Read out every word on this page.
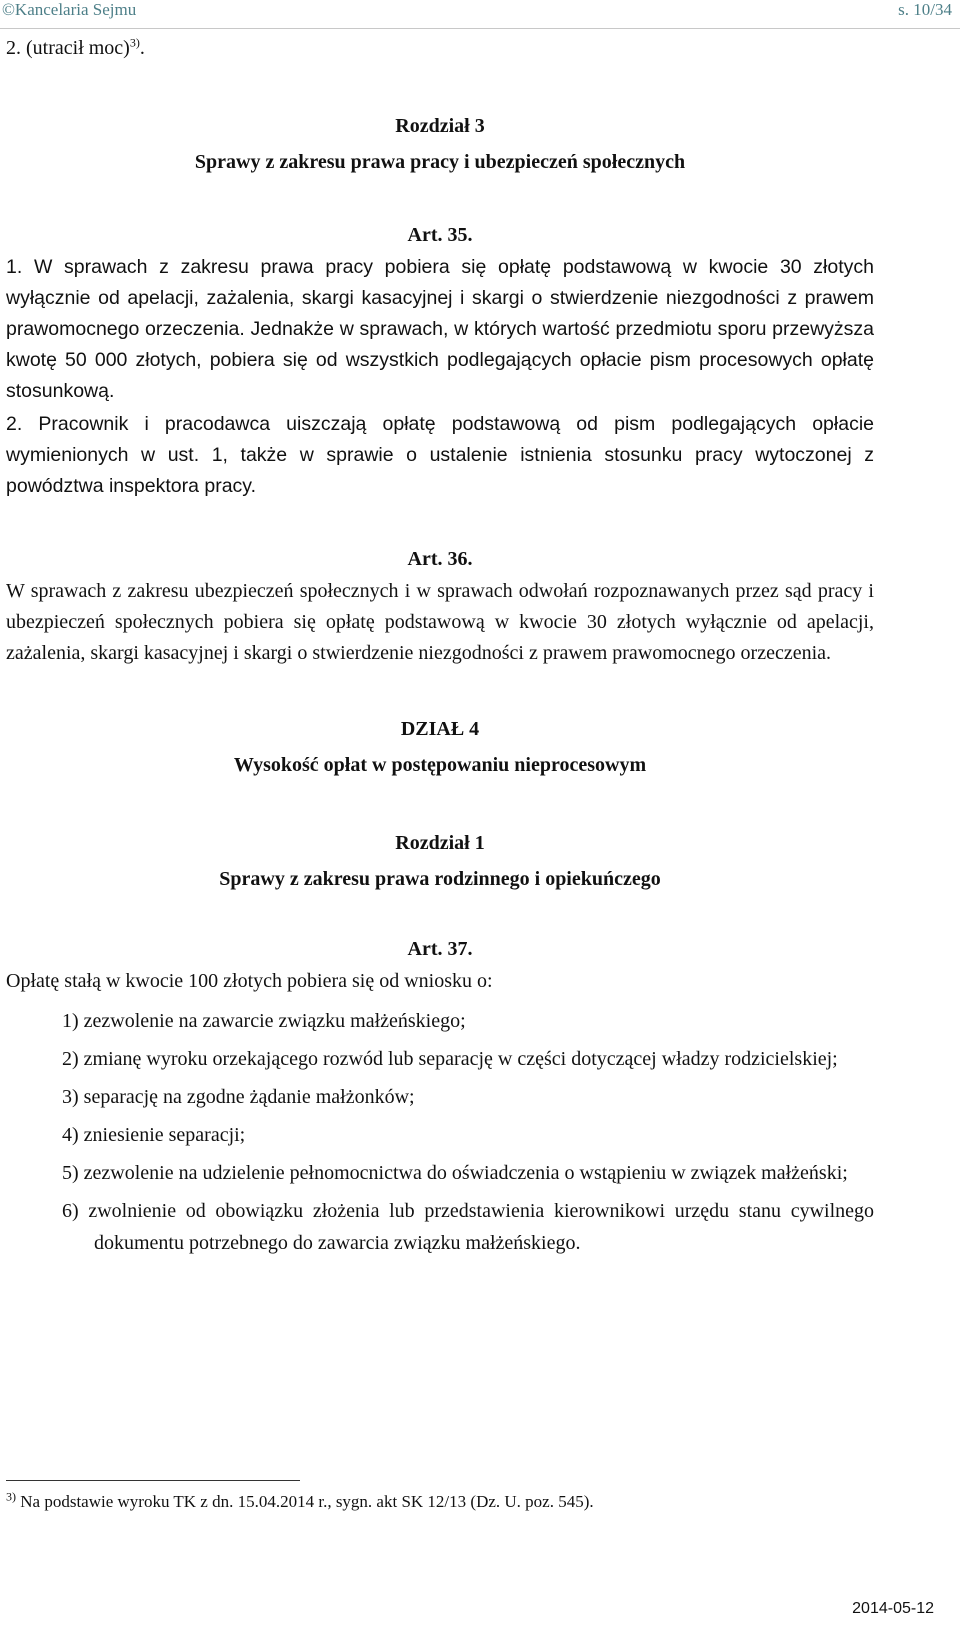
©Kancelaria Sejmu	s. 10/34

2. (utracił moc)$^{3)}$.

Rozdział 3

Sprawy z zakresu prawa pracy i ubezpieczeń społecznych

Art. 35.

1. W sprawach z zakresu prawa pracy pobiera się opłatę podstawową w kwocie 30 złotych wyłącznie od apelacji, zażalenia, skargi kasacyjnej i skargi o stwierdzenie niezgodności z prawem prawomocnego orzeczenia. Jednakże w sprawach, w których wartość przedmiotu sporu przewyższa kwotę 50 000 złotych, pobiera się od wszystkich podlegających opłacie pism procesowych opłatę stosunkową.

2. Pracownik i pracodawca uiszczają opłatę podstawową od pism podlegających opłacie wymienionych w ust. 1, także w sprawie o ustalenie istnienia stosunku pracy wytoczonej z powództwa inspektora pracy.

Art. 36.

W sprawach z zakresu ubezpieczeń społecznych i w sprawach odwołań rozpoznawanych przez sąd pracy i ubezpieczeń społecznych pobiera się opłatę podstawową w kwocie 30 złotych wyłącznie od apelacji, zażalenia, skargi kasacyjnej i skargi o stwierdzenie niezgodności z prawem prawomocnego orzeczenia.

DZIAŁ 4

Wysokość opłat w postępowaniu nieprocesowym

Rozdział 1

Sprawy z zakresu prawa rodzinnego i opiekuńczego

Art. 37.

Opłatę stałą w kwocie 100 złotych pobiera się od wniosku o:

1) zezwolenie na zawarcie związku małżeńskiego;

2) zmianę wyroku orzekającego rozwód lub separację w części dotyczącej władzy rodzicielskiej;

3) separację na zgodne żądanie małżonków;

4) zniesienie separacji;

5) zezwolenie na udzielenie pełnomocnictwa do oświadczenia o wstąpieniu w związek małżeński;

6) zwolnienie od obowiązku złożenia lub przedstawienia kierownikowi urzędu stanu cywilnego dokumentu potrzebnego do zawarcia związku małżeńskiego.

$^{3)}$ Na podstawie wyroku TK z dn. 15.04.2014 r., sygn. akt SK 12/13 (Dz. U. poz. 545).

2014-05-12
